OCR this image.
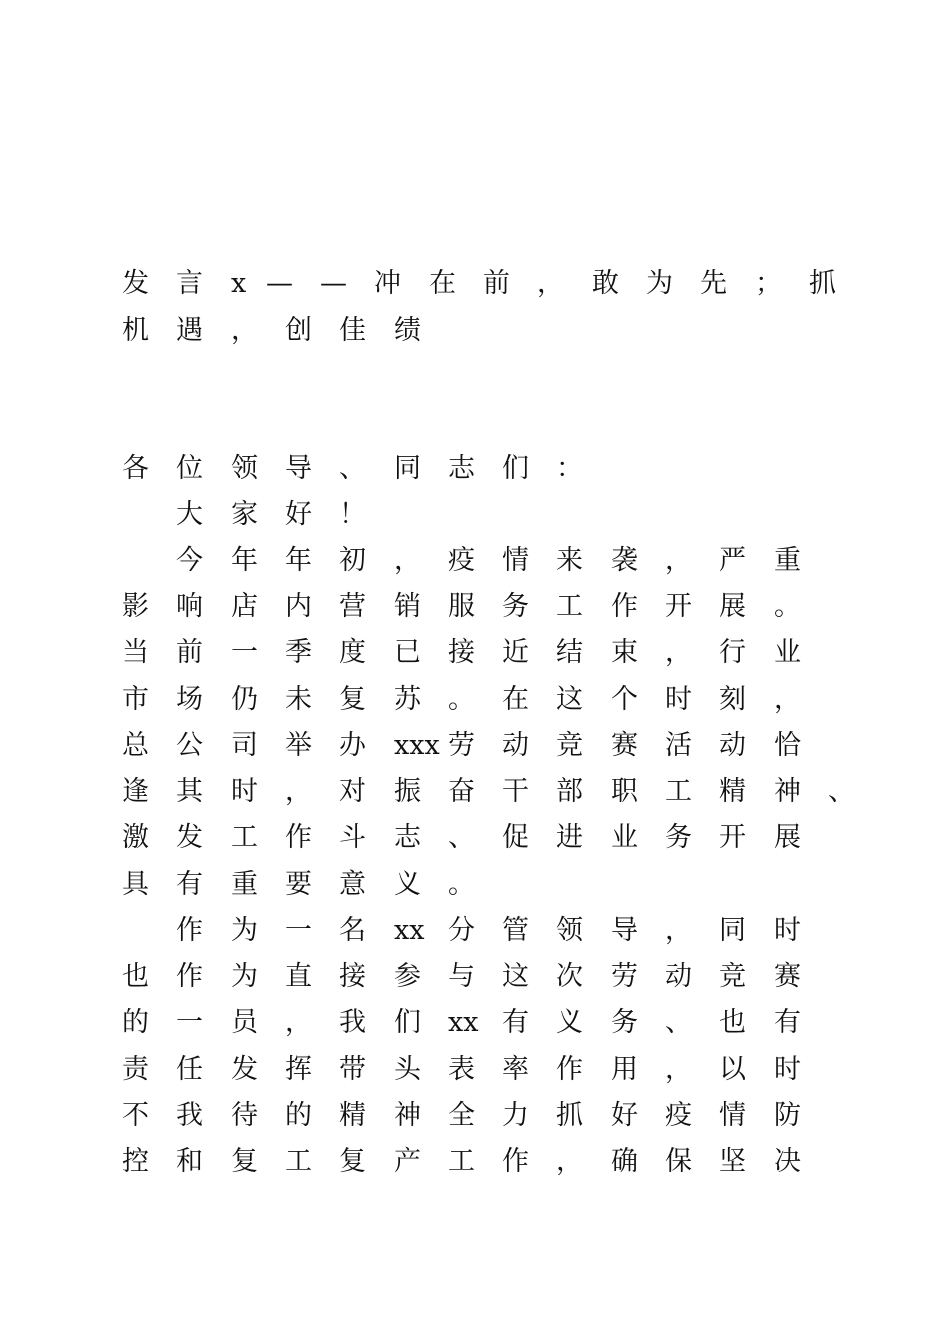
发	言	x —	—	冲	在	前	，	敢	为	先	；	抓
机	遇	，	创	佳	绩
各	位	领	导	、	同	志	们	：
大	家	好	！
今	年	年	初	，	疫	情	来	袭	，	严	重
影	响	店	内	营	销	服	务	工	作	开	展	。
当	前	一	季	度	已	接	近	结	束	，	行	业
市	场	仍	未	复	苏	。	在	这	个	时	刻	，
总	公	司	举	办	xxx 劳	动	竞	赛	活	动	恰
逢	其	时	，	对	振	奋	干	部	职	工	精	神	、
激	发	工	作	斗	志	、	促	进	业	务	开	展
具	有	重	要	意	义	。
作	为	一	名	xx 分	管	领	导	，	同	时
也	作	为	直	接	参	与	这	次	劳	动	竞	赛
的	一	员	，	我	们	xx 有	义	务	、	也	有
责	任	发	挥	带	头	表	率	作	用	，	以	时
不	我	待	的	精	神	全	力	抓	好	疫	情	防
控	和	复	工	复	产	工	作	，	确	保	坚	决
